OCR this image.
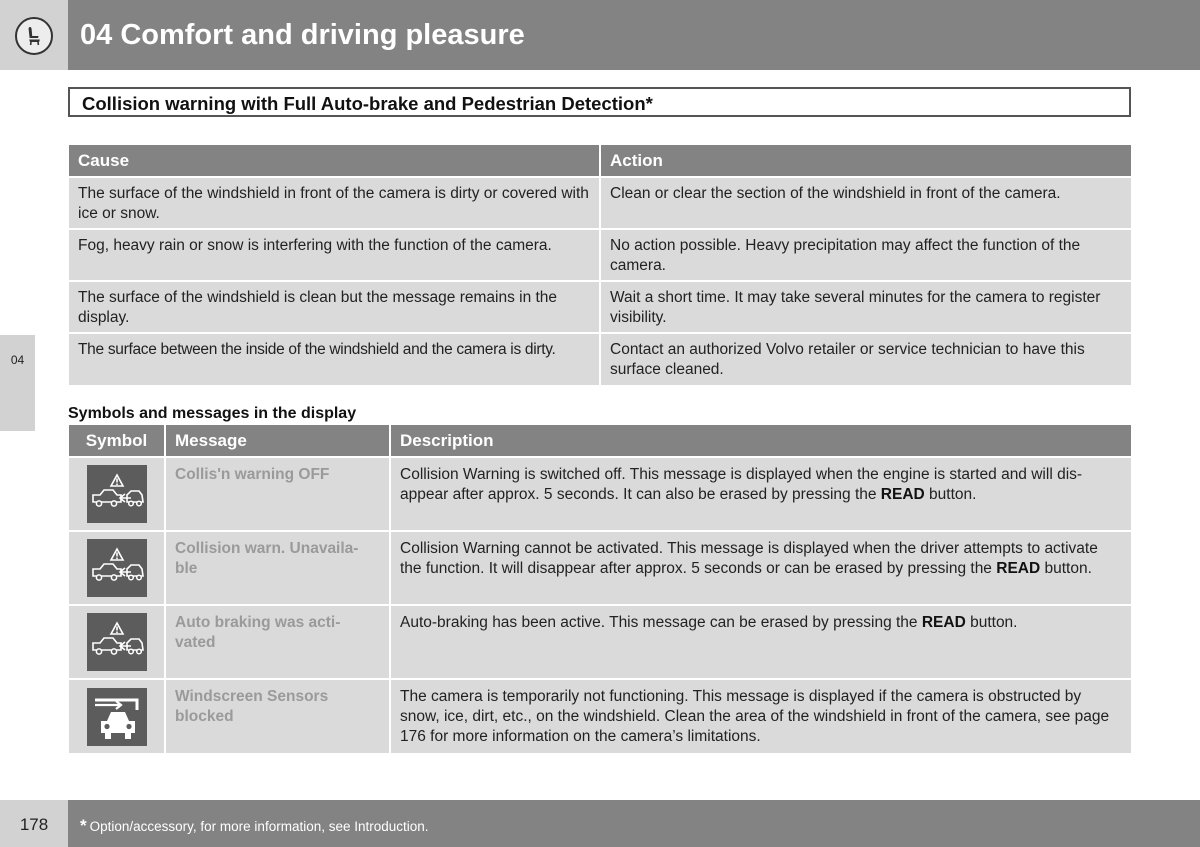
04 Comfort and driving pleasure
04
Collision warning with Full Auto-brake and Pedestrian Detection*
Cause	Action
The surface of the windshield in front of the camera is dirty or covered with ice or snow.	Clean or clear the section of the windshield in front of the camera.
Fog, heavy rain or snow is interfering with the function of the camera.	No action possible. Heavy precipitation may affect the function of the camera.
The surface of the windshield is clean but the message remains in the display.	Wait a short time. It may take several minutes for the camera to register visibility.
The surface between the inside of the windshield and the camera is dirty.	Contact an authorized Volvo retailer or service technician to have this surface cleaned.
Symbols and messages in the display
Symbol	Message	Description
	Collis'n warning OFF	Collision Warning is switched off. This message is displayed when the engine is started and will dis-appear after approx. 5 seconds. It can also be erased by pressing the READ button.
	Collision warn. Unavaila-ble	Collision Warning cannot be activated. This message is displayed when the driver attempts to activate the function. It will disappear after approx. 5 seconds or can be erased by pressing the READ button.
	Auto braking was acti-vated	Auto-braking has been active. This message can be erased by pressing the READ button.
	Windscreen Sensors blocked	The camera is temporarily not functioning. This message is displayed if the camera is obstructed by snow, ice, dirt, etc., on the windshield. Clean the area of the windshield in front of the camera, see page 176 for more information on the camera’s limitations.
178	* Option/accessory, for more information, see Introduction.
